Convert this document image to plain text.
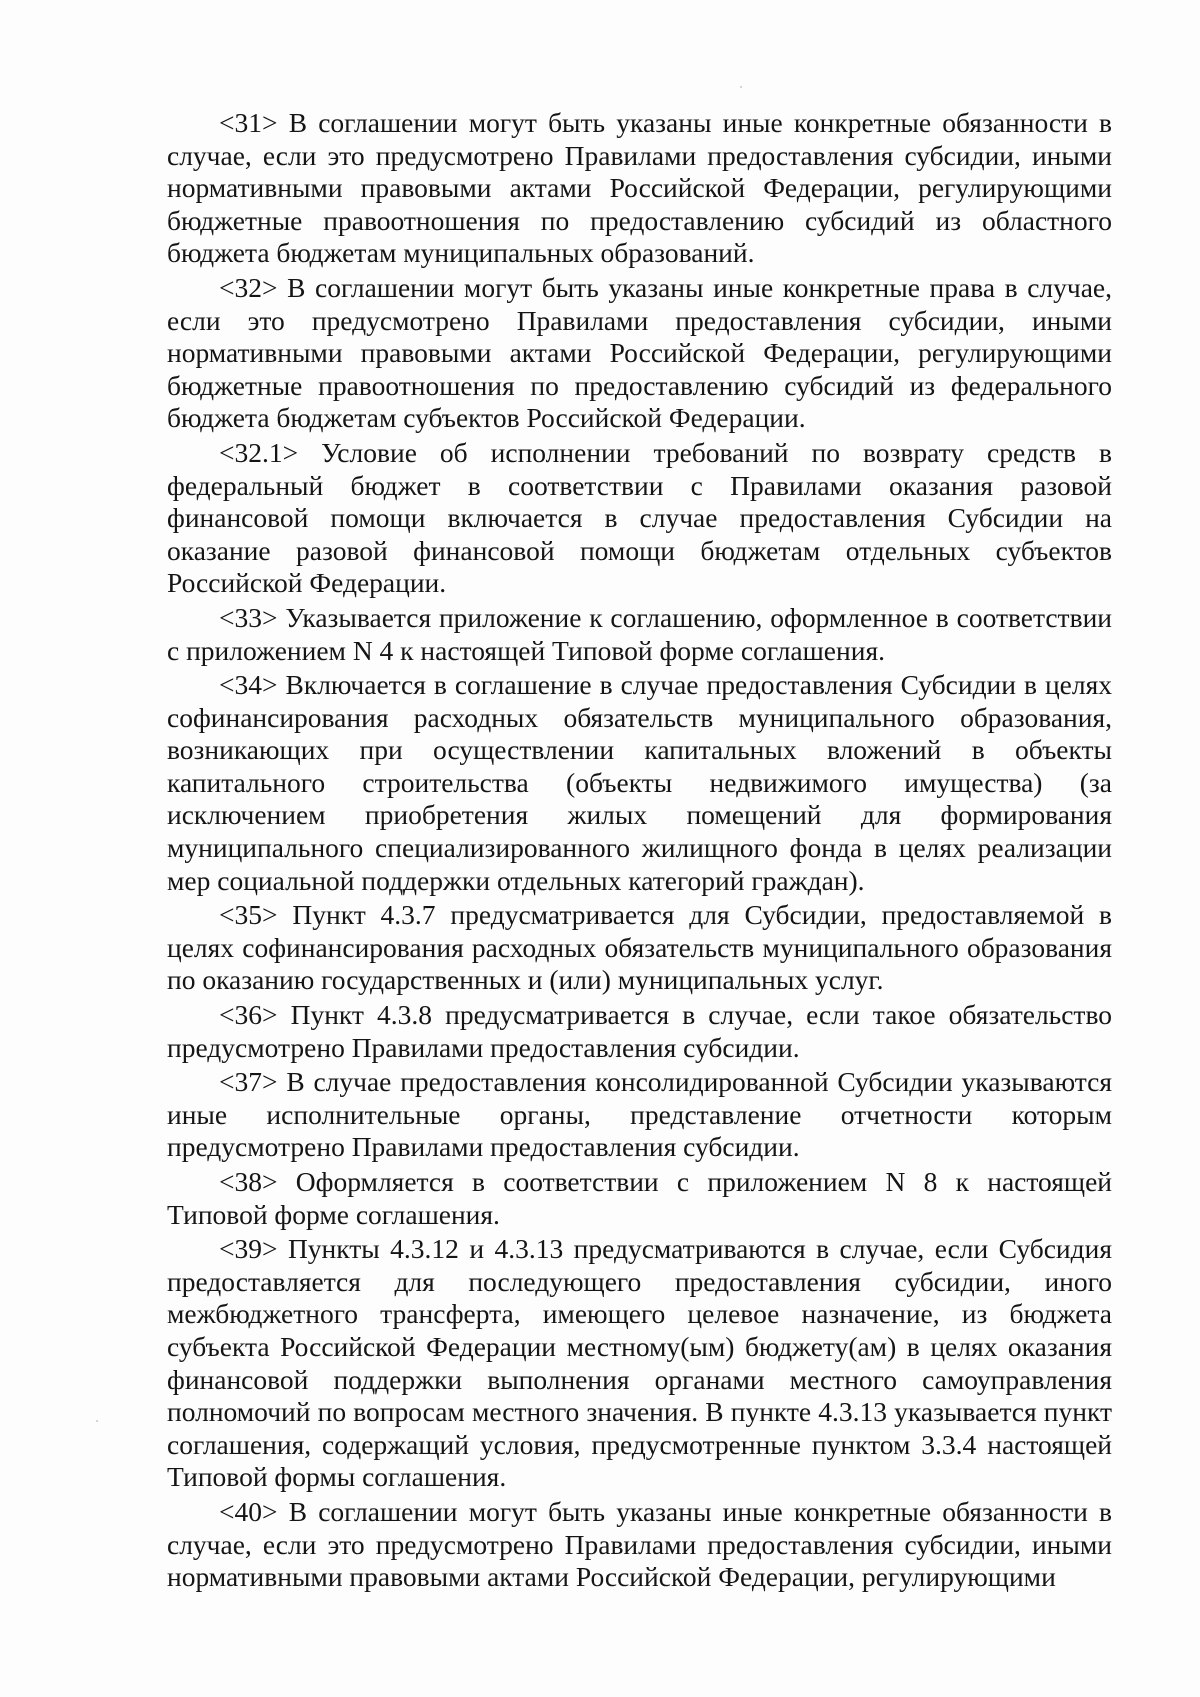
<31> В соглашении могут быть указаны иные конкретные обязанности в случае, если это предусмотрено Правилами предоставления субсидии, иными нормативными правовыми актами Российской Федерации, регулирующими бюджетные правоотношения по предоставлению субсидий из областного бюджета бюджетам муниципальных образований.

<32> В соглашении могут быть указаны иные конкретные права в случае, если это предусмотрено Правилами предоставления субсидии, иными нормативными правовыми актами Российской Федерации, регулирующими бюджетные правоотношения по предоставлению субсидий из федерального бюджета бюджетам субъектов Российской Федерации.

<32.1> Условие об исполнении требований по возврату средств в федеральный бюджет в соответствии с Правилами оказания разовой финансовой помощи включается в случае предоставления Субсидии на оказание разовой финансовой помощи бюджетам отдельных субъектов Российской Федерации.

<33> Указывается приложение к соглашению, оформленное в соответствии с приложением N 4 к настоящей Типовой форме соглашения.

<34> Включается в соглашение в случае предоставления Субсидии в целях софинансирования расходных обязательств муниципального образования, возникающих при осуществлении капитальных вложений в объекты капитального строительства (объекты недвижимого имущества) (за исключением приобретения жилых помещений для формирования муниципального специализированного жилищного фонда в целях реализации мер социальной поддержки отдельных категорий граждан).

<35> Пункт 4.3.7 предусматривается для Субсидии, предоставляемой в целях софинансирования расходных обязательств муниципального образования по оказанию государственных и (или) муниципальных услуг.

<36> Пункт 4.3.8 предусматривается в случае, если такое обязательство предусмотрено Правилами предоставления субсидии.

<37> В случае предоставления консолидированной Субсидии указываются иные исполнительные органы, представление отчетности которым предусмотрено Правилами предоставления субсидии.

<38> Оформляется в соответствии с приложением N 8 к настоящей Типовой форме соглашения.

<39> Пункты 4.3.12 и 4.3.13 предусматриваются в случае, если Субсидия предоставляется для последующего предоставления субсидии, иного межбюджетного трансферта, имеющего целевое назначение, из бюджета субъекта Российской Федерации местному(ым) бюджету(ам) в целях оказания финансовой поддержки выполнения органами местного самоуправления полномочий по вопросам местного значения. В пункте 4.3.13 указывается пункт соглашения, содержащий условия, предусмотренные пунктом 3.3.4 настоящей Типовой формы соглашения.

<40> В соглашении могут быть указаны иные конкретные обязанности в случае, если это предусмотрено Правилами предоставления субсидии, иными нормативными правовыми актами Российской Федерации, регулирующими
